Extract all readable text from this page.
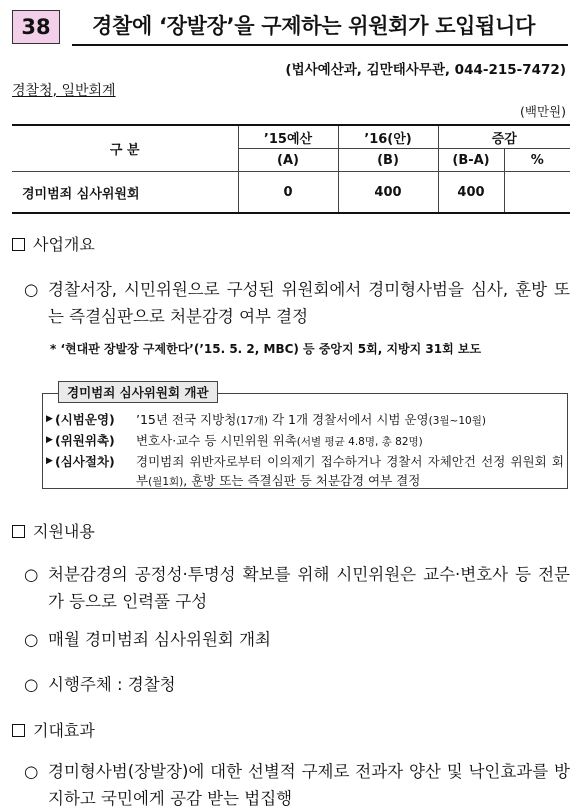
38	경찰에 ‘장발장’을 구제하는 위원회가 도입됩니다
(법사예산과, 김만태사무관, 044-215-7472)
경찰청, 일반회계
(백만원)
구 분	’15예산	’16(안)	증감	
	(A)	(B)	(B-A)	%
경미범죄 심사위원회	0	400	400	
사업개요
○ 경찰서장, 시민위원으로 구성된 위원회에서 경미형사범을 심사, 훈방 또는 즉결심판으로 처분감경 여부 결정
* ‘현대판 장발장 구제한다’(’15. 5. 2, MBC) 등 중앙지 5회, 지방지 31회 보도
경미범죄 심사위원회 개관
▶ (시범운영) ’15년 전국 지방청(17개) 각 1개 경찰서에서 시범 운영(3월~10월)
▶ (위원위촉) 변호사·교수 등 시민위원 위촉(서별 평균 4.8명, 총 82명)
▶ (심사절차) 경미범죄 위반자로부터 이의제기 접수하거나 경찰서 자체안건 선정 위원회 회부(월1회), 훈방 또는 즉결심판 등 처분감경 여부 결정
지원내용
○ 처분감경의 공정성·투명성 확보를 위해 시민위원은 교수·변호사 등 전문가 등으로 인력풀 구성
○ 매월 경미범죄 심사위원회 개최
○ 시행주체 : 경찰청
기대효과
○ 경미형사범(장발장)에 대한 선별적 구제로 전과자 양산 및 낙인효과를 방지하고 국민에게 공감 받는 법집행
